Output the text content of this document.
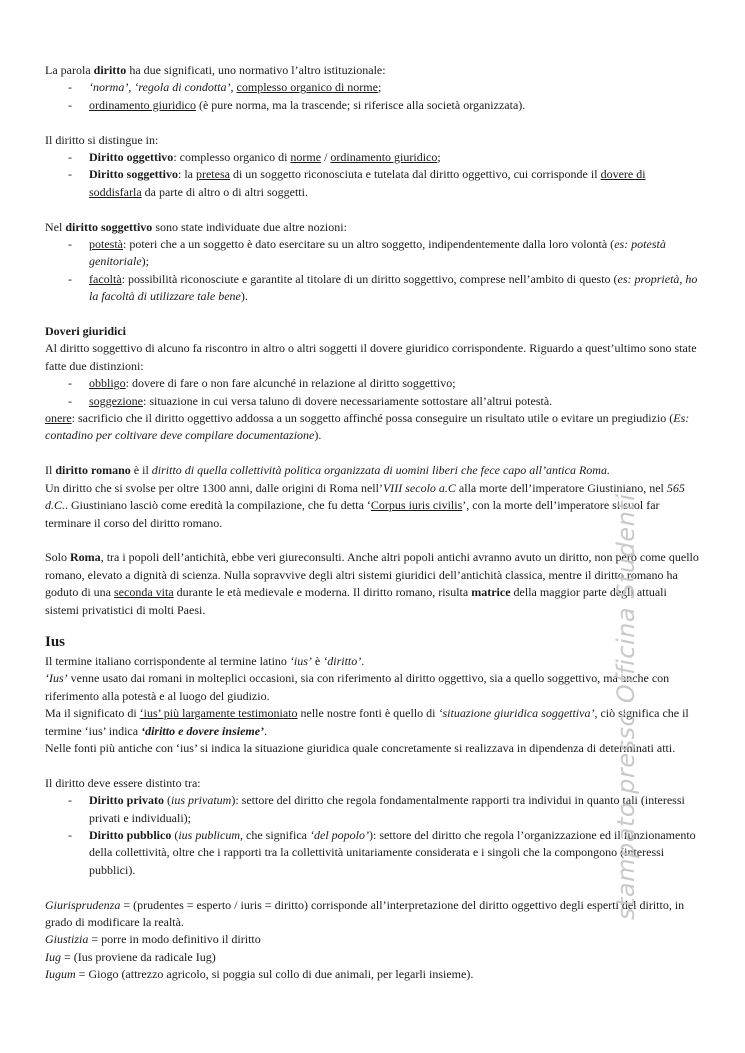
La parola diritto ha due significati, uno normativo l’altro istituzionale:

- ‘norma’, ‘regola di condotta’, complesso organico di norme;

- ordinamento giuridico (è pure norma, ma la trascende; si riferisce alla società organizzata).

Il diritto si distingue in:

- Diritto oggettivo: complesso organico di norme / ordinamento giuridico;

- Diritto soggettivo: la pretesa di un soggetto riconosciuta e tutelata dal diritto oggettivo, cui corrisponde il dovere di soddisfarla da parte di altro o di altri soggetti.

Nel diritto soggettivo sono state individuate due altre nozioni:

- potestà: poteri che a un soggetto è dato esercitare su un altro soggetto, indipendentemente dalla loro volontà (es: potestà genitoriale);

- facoltà: possibilità riconosciute e garantite al titolare di un diritto soggettivo, comprese nell’ambito di questo (es: proprietà, ho la facoltà di utilizzare tale bene).

Doveri giuridici

Al diritto soggettivo di alcuno fa riscontro in altro o altri soggetti il dovere giuridico corrispondente. Riguardo a quest’ultimo sono state fatte due distinzioni:

- obbligo: dovere di fare o non fare alcunché in relazione al diritto soggettivo;

- soggezione: situazione in cui versa taluno di dovere necessariamente sottostare all’altrui potestà.

onere: sacrificio che il diritto oggettivo addossa a un soggetto affinché possa conseguire un risultato utile o evitare un pregiudizio (Es: contadino per coltivare deve compilare documentazione).

Il diritto romano è il diritto di quella collettività politica organizzata di uomini liberi che fece capo all’antica Roma.

Un diritto che si svolse per oltre 1300 anni, dalle origini di Roma nell’VIII secolo a.C alla morte dell’imperatore Giustiniano, nel 565 d.C.. Giustiniano lasciò come eredità la compilazione, che fu detta ‘Corpus iuris civilis’, con la morte dell’imperatore si suol far terminare il corso del diritto romano.

Solo Roma, tra i popoli dell’antichità, ebbe veri giureconsulti. Anche altri popoli antichi avranno avuto un diritto, non però come quello romano, elevato a dignità di scienza. Nulla sopravvive degli altri sistemi giuridici dell’antichità classica, mentre il diritto romano ha goduto di una seconda vita durante le età medievale e moderna. Il diritto romano, risulta matrice della maggior parte degli attuali sistemi privatistici di molti Paesi.

Ius

Il termine italiano corrispondente al termine latino ‘ius’ è ‘diritto’.

‘Ius’ venne usato dai romani in molteplici occasioni, sia con riferimento al diritto oggettivo, sia a quello soggettivo, ma anche con riferimento alla potestà e al luogo del giudizio.

Ma il significato di ‘ius’ più largamente testimoniato nelle nostre fonti è quello di ‘situazione giuridica soggettiva’, ciò significa che il termine ‘ius’ indica ‘diritto e dovere insieme’.

Nelle fonti più antiche con ‘ius’ si indica la situazione giuridica quale concretamente si realizzava in dipendenza di determinati atti.

Il diritto deve essere distinto tra:

- Diritto privato (ius privatum): settore del diritto che regola fondamentalmente rapporti tra individui in quanto tali (interessi privati e individuali);

- Diritto pubblico (ius publicum, che significa ‘del popolo’): settore del diritto che regola l’organizzazione ed il funzionamento della collettività, oltre che i rapporti tra la collettività unitariamente considerata e i singoli che la compongono (interessi pubblici).

Giurisprudenza = (prudentes = esperto / iuris = diritto) corrisponde all’interpretazione del diritto oggettivo degli esperti del diritto, in grado di modificare la realtà.

Giustizia = porre in modo definitivo il diritto

Iug = (Ius proviene da radicale Iug)

Iugum = Giogo (attrezzo agricolo, si poggia sul collo di due animali, per legarli insieme).

stampato presso Officina Studenti
